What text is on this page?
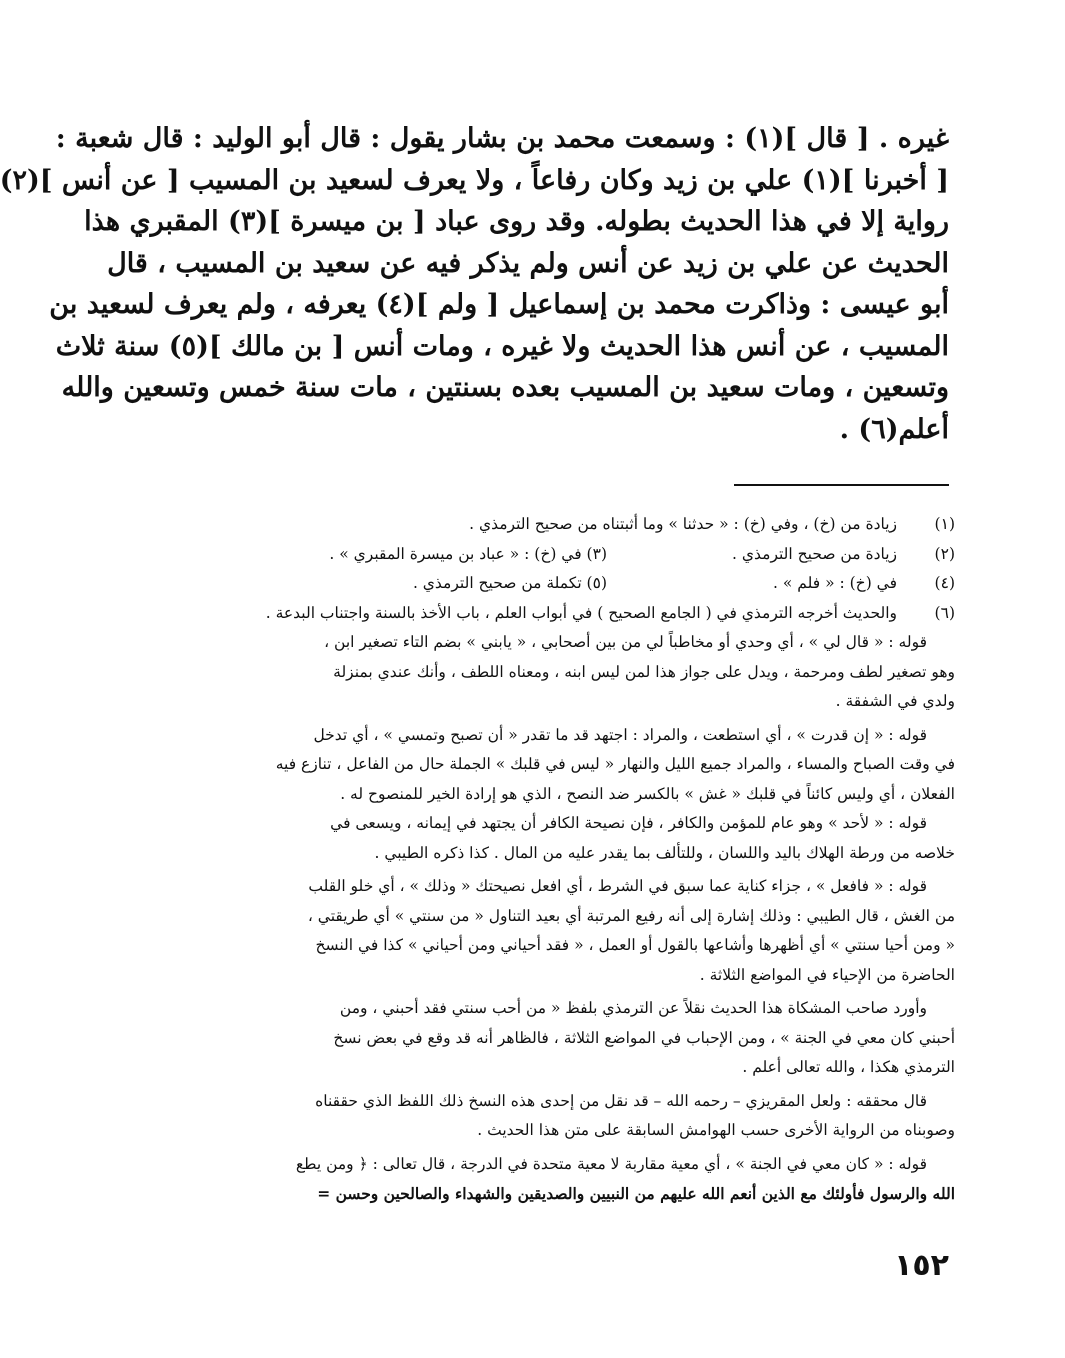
غيره . [ قال ](١) : وسمعت محمد بن بشار يقول : قال أبو الوليد : قال شعبة :
[ أخبرنا ](١) علي بن زيد وكان رفاعاً ، ولا يعرف لسعيد بن المسيب [ عن أنس ](٢)
رواية إلا في هذا الحديث بطوله. وقد روى عباد [ بن ميسرة ](٣) المقبري هذا
الحديث عن علي بن زيد عن أنس ولم يذكر فيه عن سعيد بن المسيب ، قال
أبو عيسى : وذاكرت محمد بن إسماعيل [ ولم ](٤) يعرفه ، ولم يعرف لسعيد بن
المسيب ، عن أنس هذا الحديث ولا غيره ، ومات أنس [ بن مالك ](٥) سنة ثلاث
وتسعين ، ومات سعيد بن المسيب بعده بسنتين ، مات سنة خمس وتسعين والله
أعلم(٦) .
(١)
زيادة من (خ) ، وفي (خ) : « حدثنا » وما أثبتناه من صحيح الترمذي .
(٢)
زيادة من صحيح الترمذي .
(٣) في (خ) : « عباد بن ميسرة المقبري » .
(٤)
في (خ) : « فلم » .
(٥) تكملة من صحيح الترمذي .
(٦)
والحديث أخرجه الترمذي في ( الجامع الصحيح ) في أبواب العلم ، باب الأخذ بالسنة واجتناب البدعة .
قوله : « قال لي » ، أي وحدي أو مخاطباً لي من بين أصحابي ، « يابني » بضم التاء تصغير ابن ،
وهو تصغير لطف ومرحمة ، ويدل على جواز هذا لمن ليس ابنه ، ومعناه اللطف ، وأنك عندي بمنزلة
ولدي في الشفقة .
قوله : « إن قدرت » ، أي استطعت ، والمراد : اجتهد قد ما تقدر « أن تصبح وتمسي » ، أي تدخل
في وقت الصباح والمساء ، والمراد جميع الليل والنهار « ليس في قلبك » الجملة حال من الفاعل ، تنازع فيه
الفعلان ، أي وليس كائناً في قلبك « غش » بالكسر ضد النصح ، الذي هو إرادة الخير للمنصوح له .
قوله : « لأحد » وهو عام للمؤمن والكافر ، فإن نصيحة الكافر أن يجتهد في إيمانه ، ويسعى في
خلاصه من ورطة الهلاك باليد واللسان ، وللتألف بما يقدر عليه من المال . كذا ذكره الطيبي .
قوله : « فافعل » ، جزاء كناية عما سبق في الشرط ، أي افعل نصيحتك « وذلك » ، أي خلو القلب
من الغش ، قال الطيبي : وذلك إشارة إلى أنه رفيع المرتبة أي بعيد التناول « من سنتي » أي طريقتي ،
« ومن أحيا سنتي » أي أظهرها وأشاعها بالقول أو العمل ، « فقد أحياني ومن أحياني » كذا في النسخ
الحاضرة من الإحياء في المواضع الثلاثة .
وأورد صاحب المشكاة هذا الحديث نقلاً عن الترمذي بلفظ « من أحب سنتي فقد أحبني ، ومن
أحبني كان معي في الجنة » ، ومن الإحباب في المواضع الثلاثة ، فالظاهر أنه قد وقع في بعض نسخ
الترمذي هكذا ، والله تعالى أعلم .
قال محققه : ولعل المقريزي – رحمه الله – قد نقل من إحدى هذه النسخ ذلك اللفظ الذي حققناه
وصوبناه من الرواية الأخرى حسب الهوامش السابقة على متن هذا الحديث .
قوله : « كان معي في الجنة » ، أي معية مقاربة لا معية متحدة في الدرجة ، قال تعالى : ﴿ ومن يطع
الله والرسول فأولئك مع الذين أنعم الله عليهم من النبيين والصديقين والشهداء والصالحين وحسن =
١٥٢
